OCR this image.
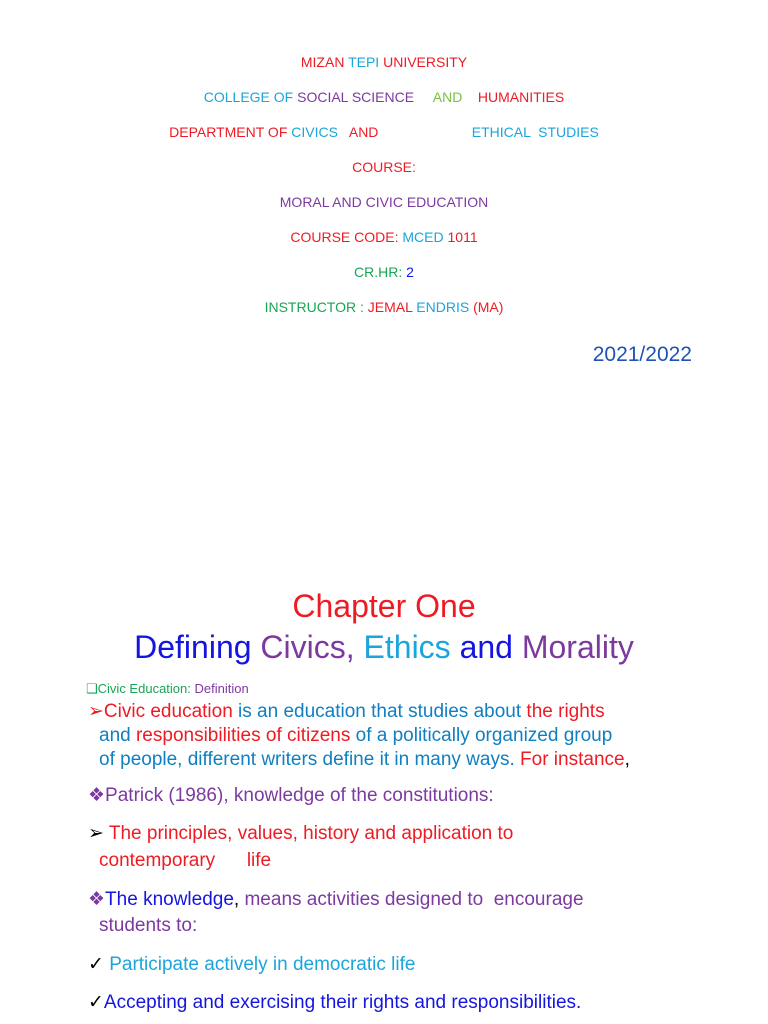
MIZAN TEPI UNIVERSITY
COLLEGE OF SOCIAL SCIENCE AND HUMANITIES
DEPARTMENT OF CIVICS AND	ETHICAL STUDIES
COURSE:
MORAL AND CIVIC EDUCATION
COURSE CODE: MCED 1011
CR.HR: 2
INSTRUCTOR : JEMAL ENDRIS (MA)
2021/2022
Chapter One
Defining Civics, Ethics and Morality
❑Civic Education: Definition
➢Civic education is an education that studies about the rights
and responsibilities of citizens of a politically organized group
of people, different writers define it in many ways. For instance,
❖Patrick (1986), knowledge of the constitutions:
➢ The principles, values, history and application to
contemporary      life
❖The knowledge, means activities designed to  encourage
students to:
✓ Participate actively in democratic life
✓Accepting and exercising their rights and responsibilities.
